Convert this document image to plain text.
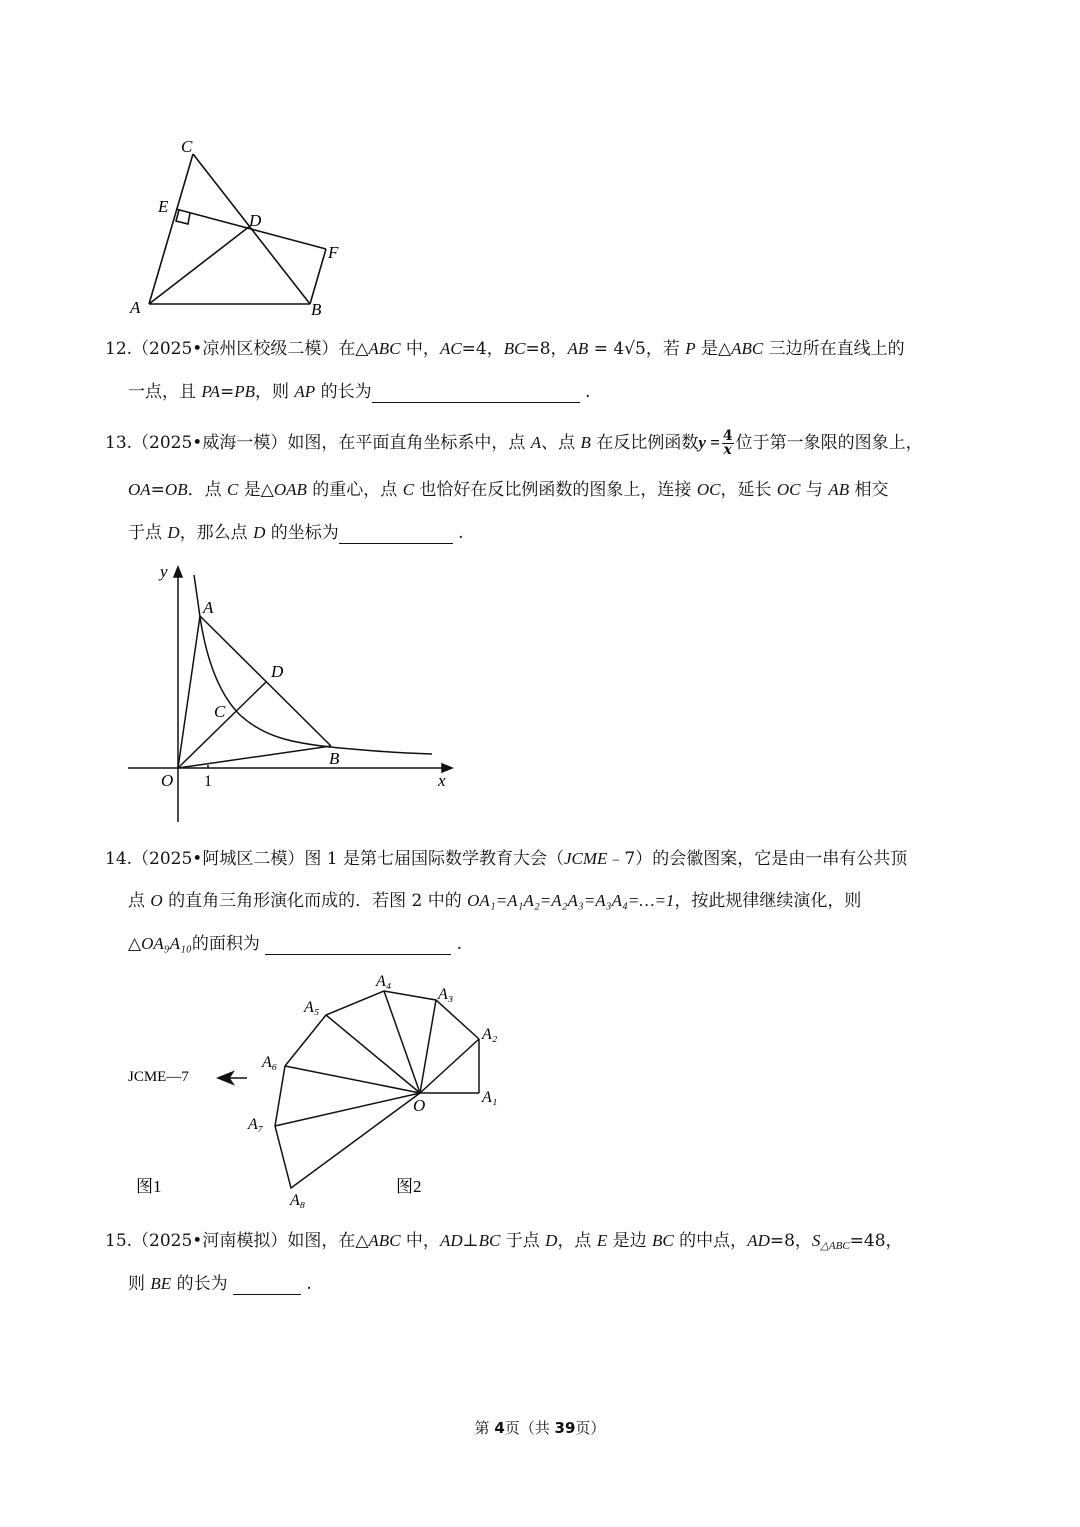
C
E
D
F
A	B
12.（2025•凉州区校级二模）在△ABC 中，AC=4，BC=8，AB = 4√5，若 P 是△ABC 三边所在直线上的
一点，且 PA=PB，则 AP 的长为	.
13.（2025•威海一模）如图，在平面直角坐标系中，点 A、点 B 在反比例函数$y = \frac{4}{x}$ 位于第一象限的图象上，
OA=OB．点 C 是△OAB 的重心，点 C 也恰好在反比例函数的图象上，连接 OC，延长 OC 与 AB 相交
于点 D，那么点 D 的坐标为	.
y
x
O 1
A
D
C
B
14.（2025•阿城区二模）图 1 是第七届国际数学教育大会（JCME﹣7）的会徽图案，它是由一串有公共顶
点 O 的直角三角形演化而成的．若图 2 中的 OA₁=A₁A₂=A₂A₃=A₃A₄=…=1，按此规律继续演化，则
△OA₉A₁₀的面积为	.
JCME—7
图1	图2
O	A₁
A₂
A₃
A₄
A₅
A₆
A₇
A₈
15.（2025•河南模拟）如图，在△ABC 中，AD⊥BC 于点 D，点 E 是边 BC 的中点，AD=8，$S_{\triangle ABC}=48$，
则 BE 的长为	.
第 4页（共 39页）
